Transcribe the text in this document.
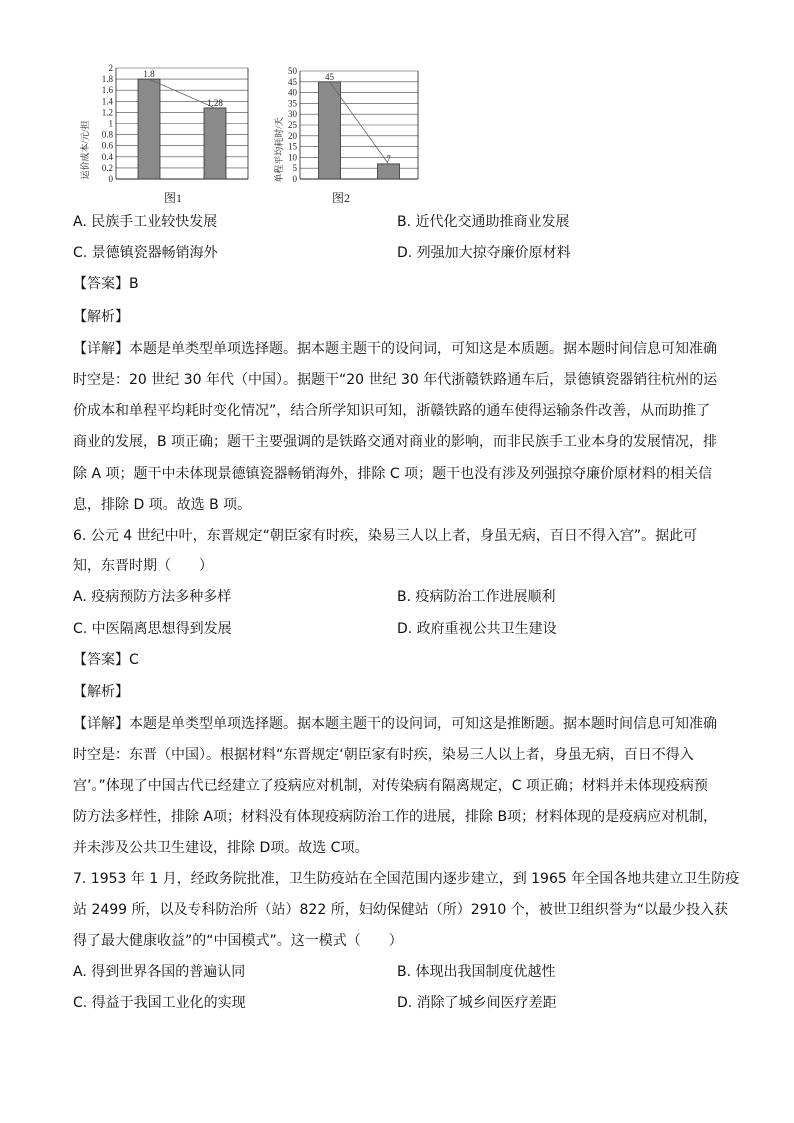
运价成本/元/担 0
0.2
0.4
0.6
0.8
1
1.2
1.4
1.6
1.8
2
1.8
1.28
图1
单程平均耗时/天 0
5
10
15
20
25
30
35
40
45
50
45
7
图2
A. 民族手工业较快发展	B. 近代化交通助推商业发展
C. 景德镇瓷器畅销海外	D. 列强加大掠夺廉价原材料
【答案】B
【解析】
【详解】本题是单类型单项选择题。据本题主题干的设问词，可知这是本质题。据本题时间信息可知准确
时空是：20 世纪 30 年代（中国）。据题干“20 世纪 30 年代浙赣铁路通车后，景德镇瓷器销往杭州的运
价成本和单程平均耗时变化情况”，结合所学知识可知，浙赣铁路的通车使得运输条件改善，从而助推了
商业的发展，B 项正确；题干主要强调的是铁路交通对商业的影响，而非民族手工业本身的发展情况，排
除 A 项；题干中未体现景德镇瓷器畅销海外，排除 C 项；题干也没有涉及列强掠夺廉价原材料的相关信
息，排除 D 项。故选 B 项。
6. 公元 4 世纪中叶，东晋规定“朝臣家有时疾，染易三人以上者，身虽无病，百日不得入宫”。据此可
知，东晋时期（　　）
A. 疫病预防方法多种多样	B. 疫病防治工作进展顺利
C. 中医隔离思想得到发展	D. 政府重视公共卫生建设
【答案】C
【解析】
【详解】本题是单类型单项选择题。据本题主题干的设问词，可知这是推断题。据本题时间信息可知准确
时空是：东晋（中国）。根据材料“东晋规定‘朝臣家有时疾，染易三人以上者，身虽无病，百日不得入
宫’。”体现了中国古代已经建立了疫病应对机制，对传染病有隔离规定，C 项正确；材料并未体现疫病预
防方法多样性，排除 A项；材料没有体现疫病防治工作的进展，排除 B项；材料体现的是疫病应对机制，
并未涉及公共卫生建设，排除 D项。故选 C项。
7. 1953 年 1 月，经政务院批准，卫生防疫站在全国范围内逐步建立，到 1965 年全国各地共建立卫生防疫
站 2499 所，以及专科防治所（站）822 所，妇幼保健站（所）2910 个，被世卫组织誉为“以最少投入获
得了最大健康收益”的“中国模式”。这一模式（　　）
A. 得到世界各国的普遍认同	B. 体现出我国制度优越性
C. 得益于我国工业化的实现	D. 消除了城乡间医疗差距
